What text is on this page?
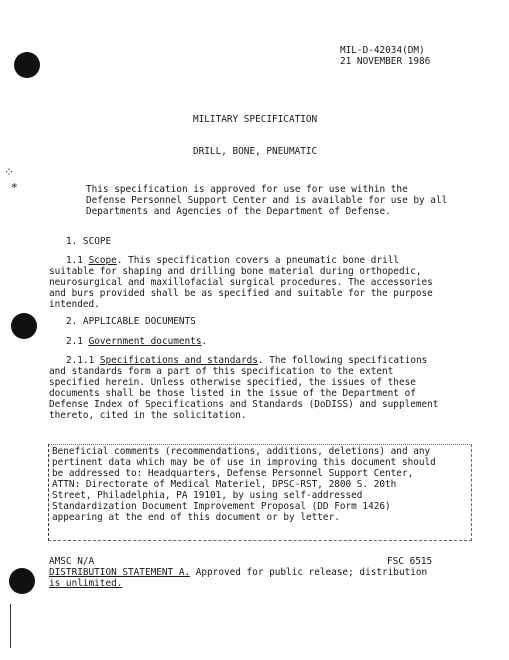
⁘
⁎
MIL-D-42034(DM)
21 NOVEMBER 1986
MILITARY SPECIFICATION
DRILL, BONE, PNEUMATIC
This specification is approved for use for use within the
Defense Personnel Support Center and is available for use by all
Departments and Agencies of the Department of Defense.
1. SCOPE
1.1 Scope. This specification covers a pneumatic bone drill
suitable for shaping and drilling bone material during orthopedic,
neurosurgical and maxillofacial surgical procedures. The accessories
and burs provided shall be as specified and suitable for the purpose
intended.
2. APPLICABLE DOCUMENTS
2.1 Government documents.
2.1.1 Specifications and standards. The following specifications
and standards form a part of this specification to the extent
specified herein. Unless otherwise specified, the issues of these
documents shall be those listed in the issue of the Department of
Defense Index of Specifications and Standards (DoDISS) and supplement
thereto, cited in the solicitation.
Beneficial comments (recommendations, additions, deletions) and any
pertinent data which may be of use in improving this document should
be addressed to: Headquarters, Defense Personnel Support Center,
ATTN: Directorate of Medical Materiel, DPSC-RST, 2800 S. 20th
Street, Philadelphia, PA 19101, by using self-addressed
Standardization Document Improvement Proposal (DD Form 1426)
appearing at the end of this document or by letter.
AMSC N/A	FSC 6515
DISTRIBUTION STATEMENT A. Approved for public release; distribution
is unlimited.
